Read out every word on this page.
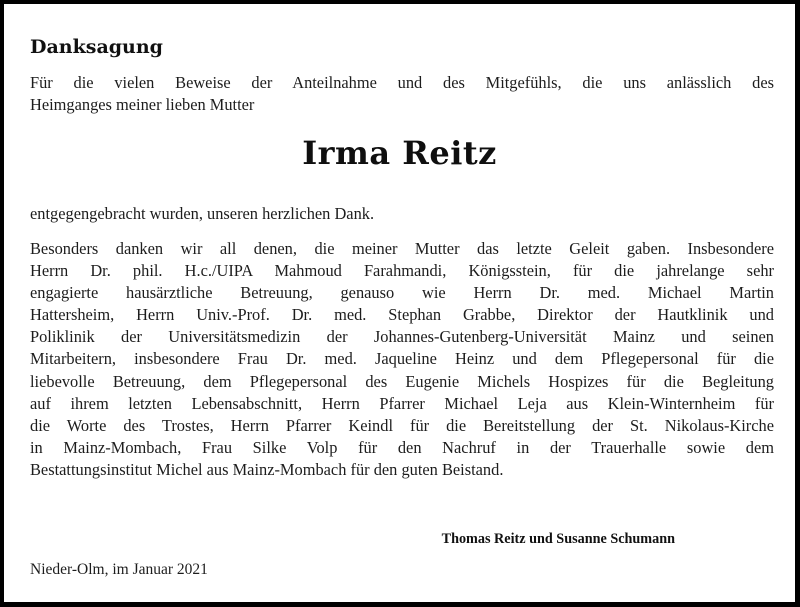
Danksagung
Für die vielen Beweise der Anteilnahme und des Mitgefühls, die uns anlässlich des
Heimganges meiner lieben Mutter
Irma Reitz
entgegengebracht wurden, unseren herzlichen Dank.
Besonders danken wir all denen, die meiner Mutter das letzte Geleit gaben. Insbesondere
Herrn Dr. phil. H.c./UIPA Mahmoud Farahmandi, Königsstein, für die jahrelange sehr
engagierte hausärztliche Betreuung, genauso wie Herrn Dr. med. Michael Martin
Hattersheim, Herrn Univ.-Prof. Dr. med. Stephan Grabbe, Direktor der Hautklinik und
Poliklinik der Universitätsmedizin der Johannes-Gutenberg-Universität Mainz und seinen
Mitarbeitern, insbesondere Frau Dr. med. Jaqueline Heinz und dem Pflegepersonal für die
liebevolle Betreuung, dem Pflegepersonal des Eugenie Michels Hospizes für die Begleitung
auf ihrem letzten Lebensabschnitt, Herrn Pfarrer Michael Leja aus Klein-Winternheim für
die Worte des Trostes, Herrn Pfarrer Keindl für die Bereitstellung der St. Nikolaus-Kirche
in Mainz-Mombach, Frau Silke Volp für den Nachruf in der Trauerhalle sowie dem
Bestattungsinstitut Michel aus Mainz-Mombach für den guten Beistand.
Thomas Reitz und Susanne Schumann
Nieder-Olm, im Januar 2021
